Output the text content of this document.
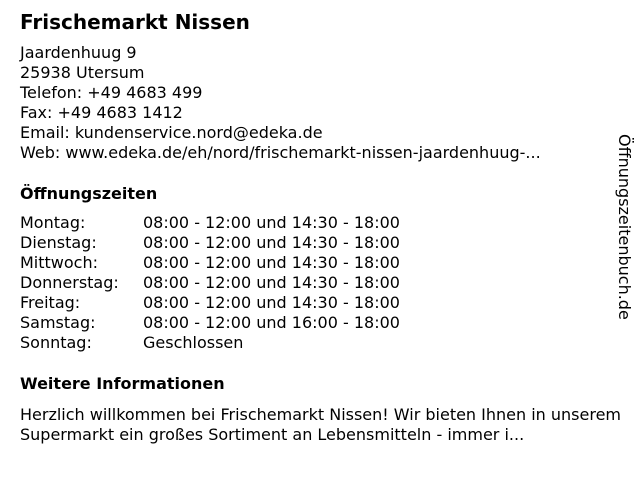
Frischemarkt Nissen
Jaardenhuug 9
25938 Utersum
Telefon: +49 4683 499
Fax: +49 4683 1412
Email: kundenservice.nord@edeka.de
Web: www.edeka.de/eh/nord/frischemarkt-nissen-jaardenhuug-...
Öffnungszeiten
Montag:	08:00 - 12:00 und 14:30 - 18:00
Dienstag:	08:00 - 12:00 und 14:30 - 18:00
Mittwoch:	08:00 - 12:00 und 14:30 - 18:00
Donnerstag:	08:00 - 12:00 und 14:30 - 18:00
Freitag:	08:00 - 12:00 und 14:30 - 18:00
Samstag:	08:00 - 12:00 und 16:00 - 18:00
Sonntag:	Geschlossen
Weitere Informationen
Herzlich willkommen bei Frischemarkt Nissen! Wir bieten Ihnen in unserem Supermarkt ein großes Sortiment an Lebensmitteln - immer i...
Öffnungszeitenbuch.de
